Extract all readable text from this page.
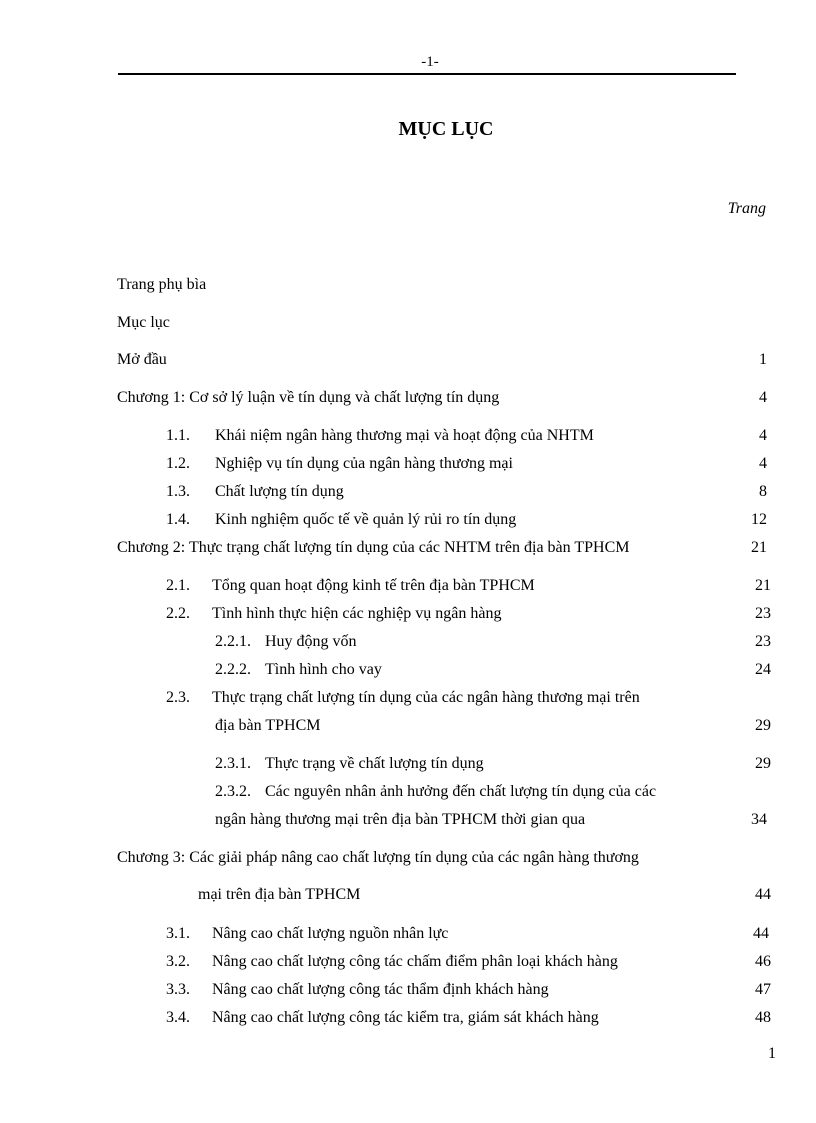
-1-
MỤC LỤC
Trang
Trang phụ bìa
Mục lục
Mở đầu	1
Chương 1: Cơ sở lý luận về tín dụng và chất lượng tín dụng	4
1.1. Khái niệm ngân hàng thương mại và hoạt động của NHTM	4
1.2. Nghiệp vụ tín dụng của ngân hàng thương mại	4
1.3. Chất lượng tín dụng	8
1.4. Kinh nghiệm quốc tế về quản lý rủi ro tín dụng	12
Chương 2: Thực trạng chất lượng tín dụng của các NHTM trên địa bàn TPHCM	21
2.1. Tổng quan hoạt động kinh tế trên địa bàn TPHCM	21
2.2. Tình hình thực hiện các nghiệp vụ ngân hàng	23
2.2.1. Huy động vốn	23
2.2.2. Tình hình cho vay	24
2.3. Thực trạng chất lượng tín dụng của các ngân hàng thương mại trên
địa bàn TPHCM	29
2.3.1. Thực trạng về chất lượng tín dụng	29
2.3.2. Các nguyên nhân ảnh hưởng đến chất lượng tín dụng của các
ngân hàng thương mại trên địa bàn TPHCM thời gian qua	34
Chương 3: Các giải pháp nâng cao chất lượng tín dụng của các ngân hàng thương
mại trên địa bàn TPHCM	44
3.1. Nâng cao chất lượng nguồn nhân lực	44
3.2. Nâng cao chất lượng công tác chấm điểm phân loại khách hàng	46
3.3. Nâng cao chất lượng công tác thẩm định khách hàng	47
3.4. Nâng cao chất lượng công tác kiểm tra, giám sát khách hàng	48
1
